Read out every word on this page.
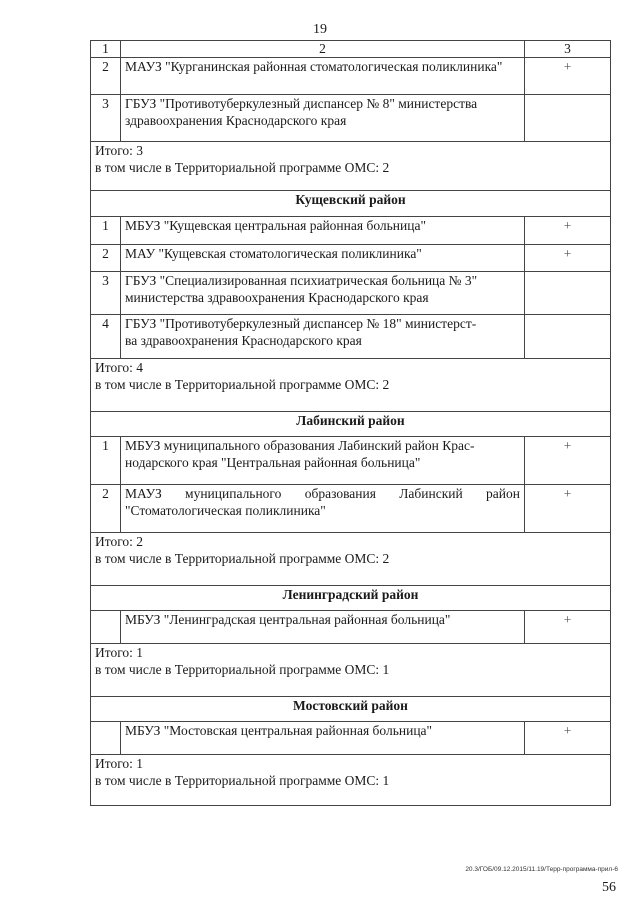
19
1	2	3
2	МАУЗ "Курганинская районная стоматологическая поликлиника"	+
3	ГБУЗ "Противотуберкулезный диспансер № 8" министерства
здравоохранения Краснодарского края	

Итого: 3
в том числе в Территориальной программе ОМС: 2		

Кущевский район		
1	МБУЗ "Кущевская центральная районная больница"	+
2	МАУ "Кущевская стоматологическая поликлиника"	+
3	ГБУЗ "Специализированная психиатрическая больница № 3"
министерства здравоохранения Краснодарского края	

4	ГБУЗ "Противотуберкулезный диспансер № 18" министерст-
ва здравоохранения Краснодарского края	

Итого: 4
в том числе в Территориальной программе ОМС: 2		

Лабинский район		
1	МБУЗ муниципального образования Лабинский район Крас-
нодарского края "Центральная районная больница"	+
2	МАУЗ муниципального образования Лабинский район
"Стоматологическая поликлиника"	+

Итого: 2
в том числе в Территориальной программе ОМС: 2		

Ленинградский район		
	МБУЗ "Ленинградская центральная районная больница"	+

Итого: 1
в том числе в Территориальной программе ОМС: 1		

Мостовский район		
	МБУЗ "Мостовская центральная районная больница"	+

Итого: 1
в том числе в Территориальной программе ОМС: 1		
20.3/ГОБ/09.12.2015/11.19/Терр-программа-прил-6
56
